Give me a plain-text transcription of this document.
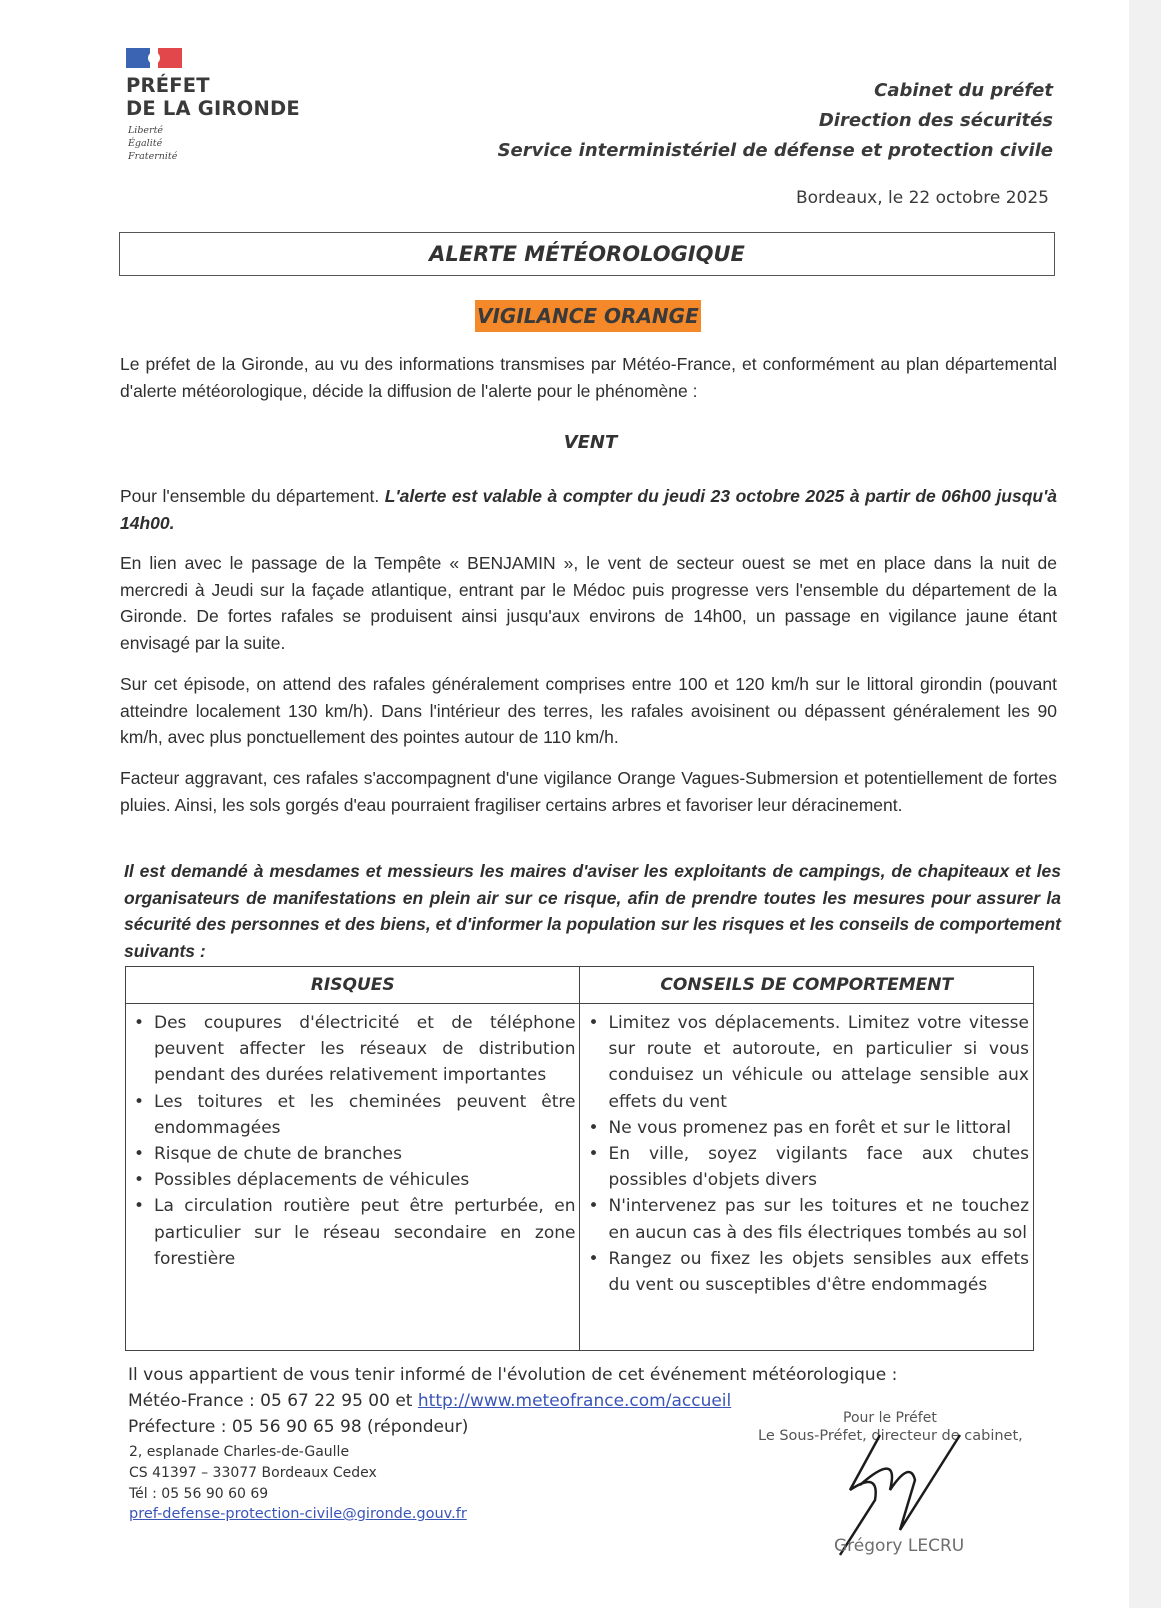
PRÉFET
DE LA GIRONDE
Liberté
Égalité
Fraternité
Cabinet du préfet
Direction des sécurités
Service interministériel de défense et protection civile
Bordeaux, le 22 octobre 2025
ALERTE MÉTÉOROLOGIQUE
VIGILANCE ORANGE
Le préfet de la Gironde, au vu des informations transmises par Météo-France, et conformément au plan départemental d'alerte météorologique, décide la diffusion de l'alerte pour le phénomène :
VENT
Pour l'ensemble du département. L'alerte est valable à compter du jeudi 23 octobre 2025 à partir de 06h00 jusqu'à 14h00.
En lien avec le passage de la Tempête « BENJAMIN », le vent de secteur ouest se met en place dans la nuit de mercredi à Jeudi sur la façade atlantique, entrant par le Médoc puis progresse vers l'ensemble du département de la Gironde. De fortes rafales se produisent ainsi jusqu'aux environs de 14h00, un passage en vigilance jaune étant envisagé par la suite.
Sur cet épisode, on attend des rafales généralement comprises entre 100 et 120 km/h sur le littoral girondin (pouvant atteindre localement 130 km/h). Dans l'intérieur des terres, les rafales avoisinent ou dépassent généralement les 90 km/h, avec plus ponctuellement des pointes autour de 110 km/h.
Facteur aggravant, ces rafales s'accompagnent d'une vigilance Orange Vagues-Submersion et potentiellement de fortes pluies. Ainsi, les sols gorgés d'eau pourraient fragiliser certains arbres et favoriser leur déracinement.
Il est demandé à mesdames et messieurs les maires d'aviser les exploitants de campings, de chapiteaux et les organisateurs de manifestations en plein air sur ce risque, afin de prendre toutes les mesures pour assurer la sécurité des personnes et des biens, et d'informer la population sur les risques et les conseils de comportement suivants :
RISQUES	CONSEILS DE COMPORTEMENT

• Des coupures d'électricité et de téléphone peuvent affecter les réseaux de distribution pendant des durées relativement importantes
• Les toitures et les cheminées peuvent être endommagées
• Risque de chute de branches
• Possibles déplacements de véhicules
• La circulation routière peut être perturbée, en particulier sur le réseau secondaire en zone forestière

• Limitez vos déplacements. Limitez votre vitesse sur route et autoroute, en particulier si vous conduisez un véhicule ou attelage sensible aux effets du vent
• Ne vous promenez pas en forêt et sur le littoral
• En ville, soyez vigilants face aux chutes possibles d'objets divers
• N'intervenez pas sur les toitures et ne touchez en aucun cas à des fils électriques tombés au sol
• Rangez ou fixez les objets sensibles aux effets du vent ou susceptibles d'être endommagés
Il vous appartient de vous tenir informé de l'évolution de cet événement météorologique :
Météo-France : 05 67 22 95 00 et http://www.meteofrance.com/accueil
Préfecture : 05 56 90 65 98 (répondeur)
2, esplanade Charles-de-Gaulle
CS 41397 – 33077 Bordeaux Cedex
Tél : 05 56 90 60 69
pref-defense-protection-civile@gironde.gouv.fr
Pour le Préfet
Le Sous-Préfet, directeur de cabinet,
Grégory LECRU
